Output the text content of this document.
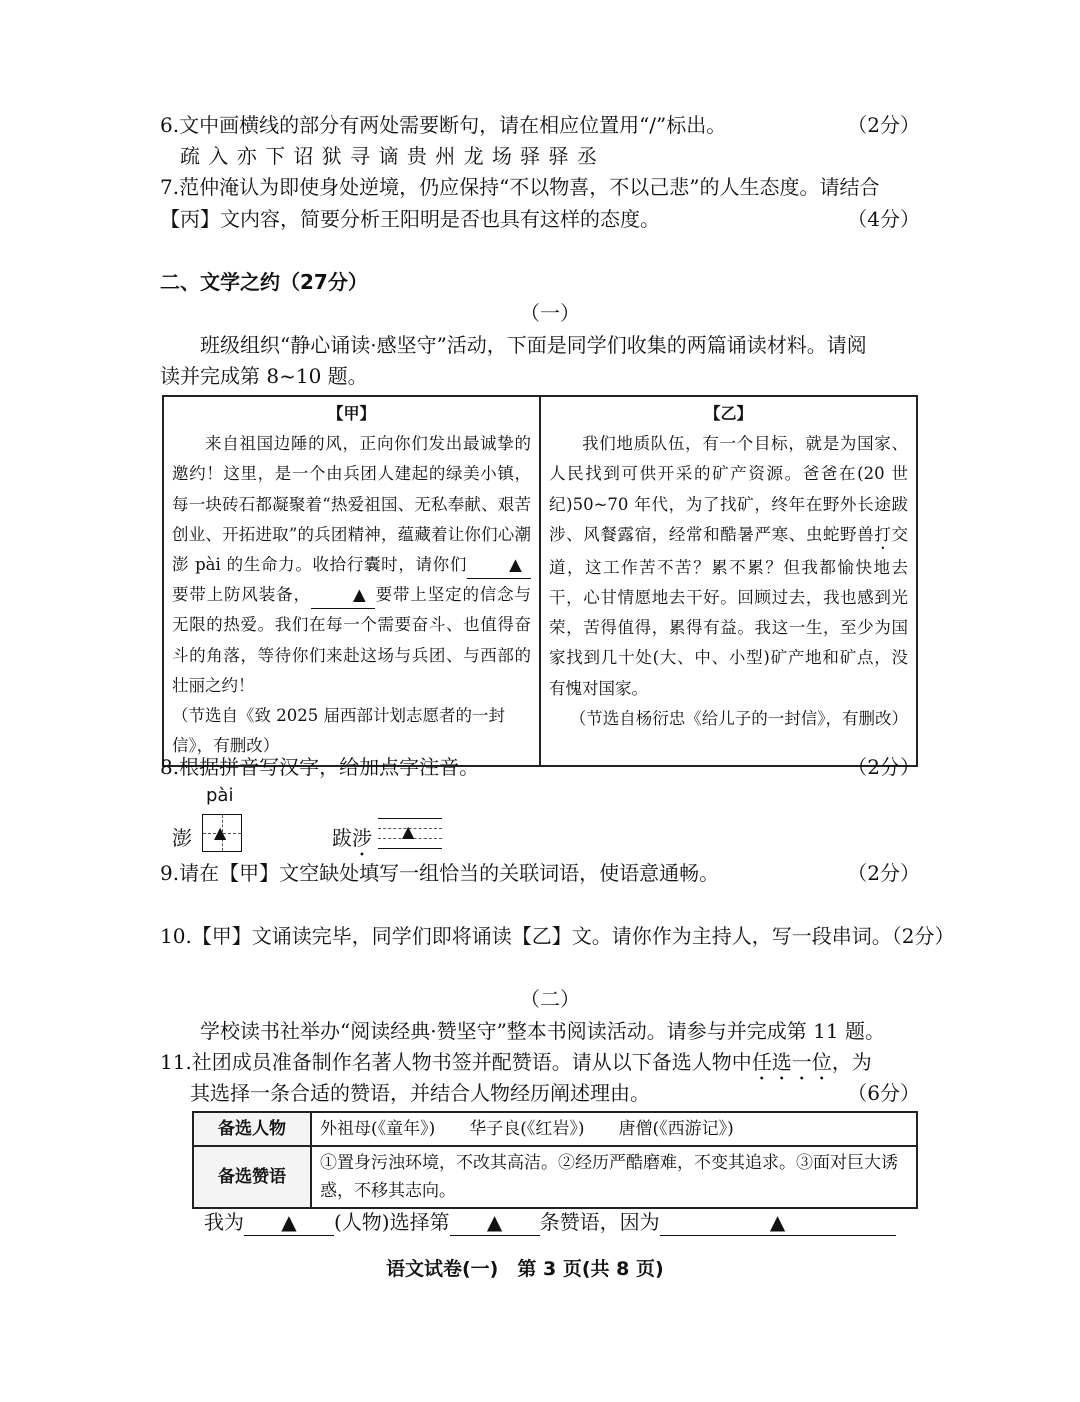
6.文中画横线的部分有两处需要断句，请在相应位置用“/”标出。	（2分）
疏 入 亦 下 诏 狱 寻 谪 贵 州 龙 场 驿 驿 丞
7.范仲淹认为即使身处逆境，仍应保持“不以物喜，不以己悲”的人生态度。请结合
【丙】文内容，简要分析王阳明是否也具有这样的态度。	（4分）
二、文学之约（27分）
（一）
班级组织“静心诵读·感坚守”活动，下面是同学们收集的两篇诵读材料。请阅
读并完成第 8~10 题。
【甲】
来自祖国边陲的风，正向你们发出最诚挚的邀约！这里，是一个由兵团人建起的绿美小镇，每一块砖石都凝聚着“热爱祖国、无私奉献、艰苦创业、开拓进取”的兵团精神，蕴藏着让你们心潮澎 pài 的生命力。收拾行囊时，请你们	▲要带上防风装备，	▲ 要带上坚定的信念与无限的热爱。我们在每一个需要奋斗、也值得奋斗的角落，等待你们来赴这场与兵团、与西部的壮丽之约！
（节选自《致 2025 届西部计划志愿者的一封信》，有删改）

【乙】
我们地质队伍，有一个目标，就是为国家、人民找到可供开采的矿产资源。爸爸在(20 世纪)50~70 年代，为了找矿，终年在野外长途跋涉、风餐露宿，经常和酷暑严寒、虫蛇野兽打交道，这工作苦不苦？累不累？但我都愉快地去干，心甘情愿地去干好。回顾过去，我也感到光荣，苦得值得，累得有益。我这一生，至少为国家找到几十处(大、中、小型)矿产地和矿点，没有愧对国家。
（节选自杨衍忠《给儿子的一封信》，有删改）
8.根据拼音写汉字，给加点字注音。	（2分）
pài
澎 ▲	跋涉 ▲
9.请在【甲】文空缺处填写一组恰当的关联词语，使语意通畅。	（2分）
10.【甲】文诵读完毕，同学们即将诵读【乙】文。请你作为主持人，写一段串词。（2分）
（二）
学校读书社举办“阅读经典·赞坚守”整本书阅读活动。请参与并完成第 11 题。
11.社团成员准备制作名著人物书签并配赞语。请从以下备选人物中任选一位，为
其选择一条合适的赞语，并结合人物经历阐述理由。	（6分）
备选人物	外祖母(《童年》)　　华子良(《红岩》)　　唐僧(《西游记》)
备选赞语	①置身污浊环境，不改其高洁。②经历严酷磨难，不变其追求。③面对巨大诱惑，不移其志向。
我为 ▲ (人物)选择第 ▲ 条赞语，因为	▲
语文试卷(一)　第 3 页(共 8 页)
